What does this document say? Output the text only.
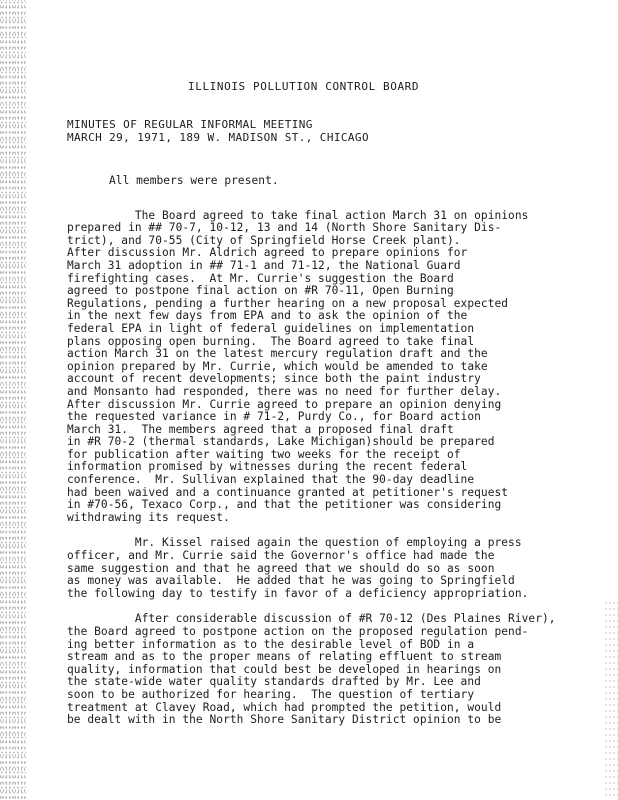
ILLINOIS POLLUTION CONTROL BOARD
MINUTES OF REGULAR INFORMAL MEETING
MARCH 29, 1971, 189 W. MADISON ST., CHICAGO
All members were present.
The Board agreed to take final action March 31 on opinions
prepared in ## 70-7, 10-12, 13 and 14 (North Shore Sanitary Dis-
trict), and 70-55 (City of Springfield Horse Creek plant).
After discussion Mr. Aldrich agreed to prepare opinions for
March 31 adoption in ## 71-1 and 71-12, the National Guard
firefighting cases.  At Mr. Currie's suggestion the Board
agreed to postpone final action on #R 70-11, Open Burning
Regulations, pending a further hearing on a new proposal expected
in the next few days from EPA and to ask the opinion of the
federal EPA in light of federal guidelines on implementation
plans opposing open burning.  The Board agreed to take final
action March 31 on the latest mercury regulation draft and the
opinion prepared by Mr. Currie, which would be amended to take
account of recent developments; since both the paint industry
and Monsanto had responded, there was no need for further delay.
After discussion Mr. Currie agreed to prepare an opinion denying
the requested variance in # 71-2, Purdy Co., for Board action
March 31.  The members agreed that a proposed final draft
in #R 70-2 (thermal standards, Lake Michigan)should be prepared
for publication after waiting two weeks for the receipt of
information promised by witnesses during the recent federal
conference.  Mr. Sullivan explained that the 90-day deadline
had been waived and a continuance granted at petitioner's request
in #70-56, Texaco Corp., and that the petitioner was considering
withdrawing its request.
Mr. Kissel raised again the question of employing a press
officer, and Mr. Currie said the Governor's office had made the
same suggestion and that he agreed that we should do so as soon
as money was available.  He added that he was going to Springfield
the following day to testify in favor of a deficiency appropriation.
After considerable discussion of #R 70-12 (Des Plaines River),
the Board agreed to postpone action on the proposed regulation pend-
ing better information as to the desirable level of BOD in a
stream and as to the proper means of relating effluent to stream
quality, information that could best be developed in hearings on
the state-wide water quality standards drafted by Mr. Lee and
soon to be authorized for hearing.  The question of tertiary
treatment at Clavey Road, which had prompted the petition, would
be dealt with in the North Shore Sanitary District opinion to be
